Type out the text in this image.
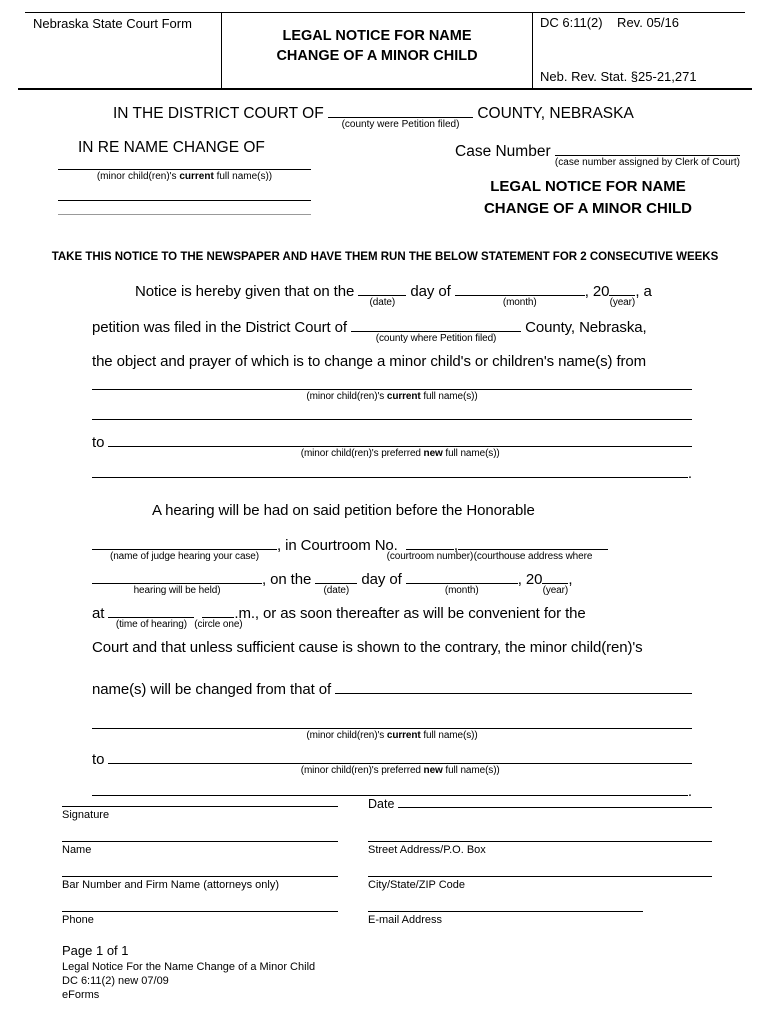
Nebraska State Court Form
LEGAL NOTICE FOR NAME
CHANGE OF A MINOR CHILD
DC 6:11(2)    Rev. 05/16
Neb. Rev. Stat. §25-21,271
IN THE DISTRICT COURT OF
(county were Petition filed)
COUNTY, NEBRASKA
IN RE NAME CHANGE OF	Case Number
(case number assigned by Clerk of Court)
(minor child(ren)'s current full name(s))
LEGAL NOTICE FOR NAME
CHANGE OF A MINOR CHILD
TAKE THIS NOTICE TO THE NEWSPAPER AND HAVE THEM RUN THE BELOW STATEMENT FOR 2 CONSECUTIVE WEEKS
Notice is hereby given that on the
(date)
day of
(month)
, 20
(year)
, a
petition was filed in the District Court of
(county where Petition filed)
County, Nebraska,
the object and prayer of which is to change a minor child's or children's name(s) from
(minor child(ren)'s current full name(s))
to
(minor child(ren)'s preferred new full name(s))
.
A hearing will be had on said petition before the Honorable
(name of judge hearing your case)
, in Courtroom No.
(courtroom number)
,
(courthouse address where
hearing will be held)
, on the
(date)
day of
(month)
, 20
(year)
,
at
(time of hearing) (circle one)
.m., or as soon thereafter as will be convenient for the
Court and that unless sufficient cause is shown to the contrary, the minor child(ren)'s
name(s) will be changed from that of
(minor child(ren)'s current full name(s))
to
(minor child(ren)'s preferred new full name(s))
.
Signature
Date
Name	Street Address/P.O. Box
Bar Number and Firm Name (attorneys only)	City/State/ZIP Code
Phone	E-mail Address
Page 1 of 1
Legal Notice For the Name Change of a Minor Child
DC 6:11(2) new 07/09
eForms
